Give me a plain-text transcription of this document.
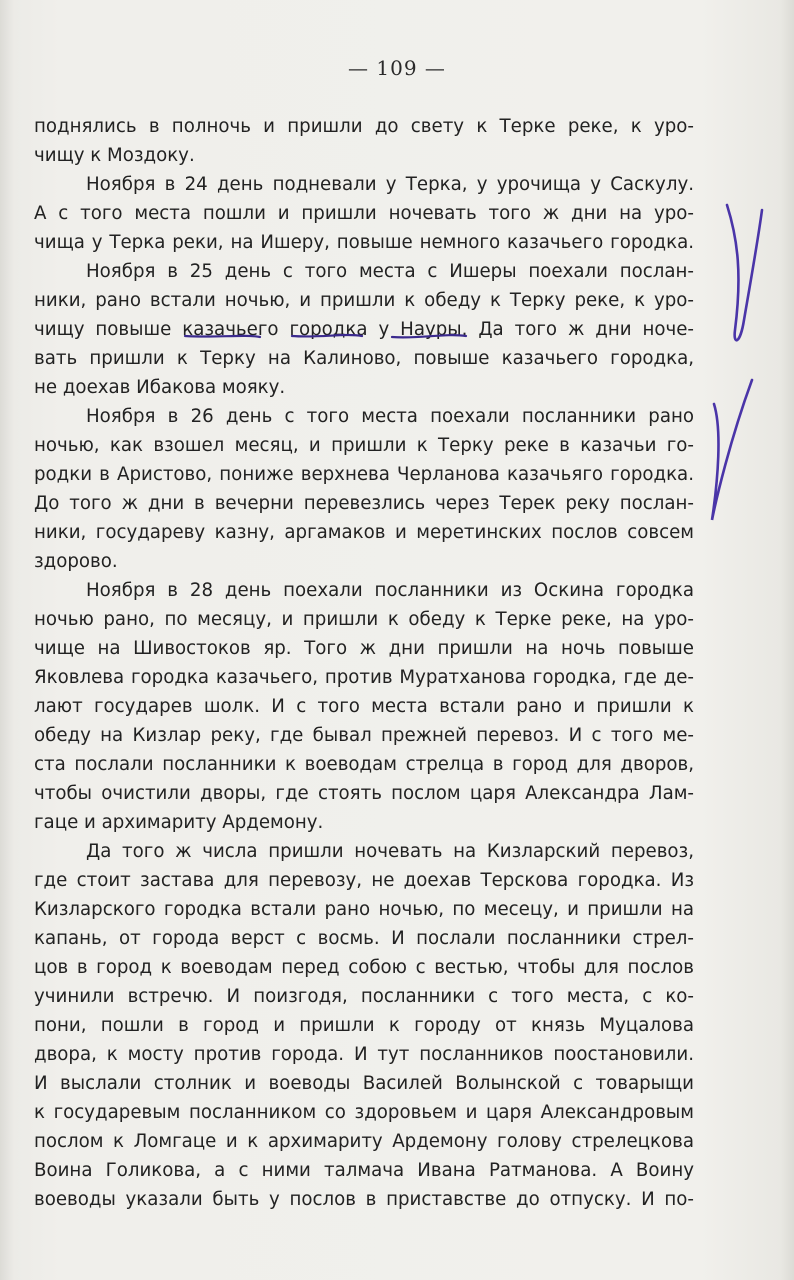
— 109 —
поднялись в полночь и пришли до свету к Терке реке, к уро-
чищу к Моздоку.
Ноября в 24 день подневали у Терка, у урочища у Саскулу.
А с того места пошли и пришли ночевать того ж дни на уро-
чища у Терка реки, на Ишеру, повыше немного казачьего городка.
Ноября в 25 день с того места с Ишеры поехали послан-
ники, рано встали ночью, и пришли к обеду к Терку реке, к уро-
чищу повыше казачьего городка у Науры. Да того ж дни ноче-
вать пришли к Терку на Калиново, повыше казачьего городка,
не доехав Ибакова мояку.
Ноября в 26 день с того места поехали посланники рано
ночью, как взошел месяц, и пришли к Терку реке в казачьи го-
родки в Аристово, пониже верхнева Черланова казачьяго городка.
До того ж дни в вечерни перевезлись через Терек реку послан-
ники, государеву казну, аргамаков и меретинских послов совсем
здорово.
Ноября в 28 день поехали посланники из Оскина городка
ночью рано, по месяцу, и пришли к обеду к Терке реке, на уро-
чище на Шивостоков яр. Того ж дни пришли на ночь повыше
Яковлева городка казачьего, против Муратханова городка, где де-
лают государев шолк. И с того места встали рано и пришли к
обеду на Кизлар реку, где бывал прежней перевоз. И с того ме-
ста послали посланники к воеводам стрелца в город для дворов,
чтобы очистили дворы, где стоять послом царя Александра Лам-
гаце и архимариту Ардемону.
Да того ж числа пришли ночевать на Кизларский перевоз,
где стоит застава для перевозу, не доехав Терскова городка. Из
Кизларского городка встали рано ночью, по месецу, и пришли на
капань, от города верст с восмь. И послали посланники стрел-
цов в город к воеводам перед собою с вестью, чтобы для послов
учинили встречю. И поизгодя, посланники с того места, с ко-
пони, пошли в город и пришли к городу от князь Муцалова
двора, к мосту против города. И тут посланников поостановили.
И выслали столник и воеводы Василей Волынской с товарыщи
к государевым посланником со здоровьем и царя Александровым
послом к Ломгаце и к архимариту Ардемону голову стрелецкова
Воина Голикова, а с ними талмача Ивана Ратманова. А Воину
воеводы указали быть у послов в приставстве до отпуску. И по-
